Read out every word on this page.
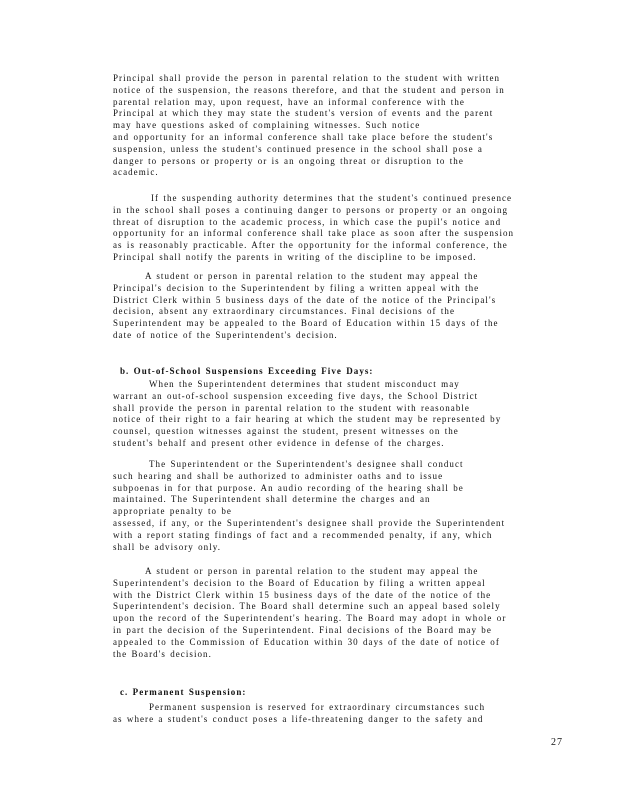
Principal shall provide the person in parental relation to the student with written
notice of the suspension, the reasons therefore, and that the student and person in
parental relation may, upon request, have an informal conference with the
Principal at which they may state the student's version of events and the parent
may have questions asked of complaining witnesses. Such notice
and opportunity for an informal conference shall take place before the student's
suspension, unless the student's continued presence in the school shall pose a
danger to persons or property or is an ongoing threat or disruption to the
academic.
If the suspending authority determines that the student's continued presence
in the school shall poses a continuing danger to persons or property or an ongoing
threat of disruption to the academic process, in which case the pupil's notice and
opportunity for an informal conference shall take place as soon after the suspension
as is reasonably practicable. After the opportunity for the informal conference, the
Principal shall notify the parents in writing of the discipline to be imposed.
A student or person in parental relation to the student may appeal the
Principal's decision to the Superintendent by filing a written appeal with the
District Clerk within 5 business days of the date of the notice of the Principal's
decision, absent any extraordinary circumstances. Final decisions of the
Superintendent may be appealed to the Board of Education within 15 days of the
date of notice of the Superintendent's decision.
b. Out-of-School Suspensions Exceeding Five Days:
When the Superintendent determines that student misconduct may
warrant an out-of-school suspension exceeding five days, the School District
shall provide the person in parental relation to the student with reasonable
notice of their right to a fair hearing at which the student may be represented by
counsel, question witnesses against the student, present witnesses on the
student's behalf and present other evidence in defense of the charges.
The Superintendent or the Superintendent's designee shall conduct
such hearing and shall be authorized to administer oaths and to issue
subpoenas in for that purpose. An audio recording of the hearing shall be
maintained. The Superintendent shall determine the charges and an
appropriate penalty to be
assessed, if any, or the Superintendent's designee shall provide the Superintendent
with a report stating findings of fact and a recommended penalty, if any, which
shall be advisory only.
A student or person in parental relation to the student may appeal the
Superintendent's decision to the Board of Education by filing a written appeal
with the District Clerk within 15 business days of the date of the notice of the
Superintendent's decision. The Board shall determine such an appeal based solely
upon the record of the Superintendent's hearing. The Board may adopt in whole or
in part the decision of the Superintendent. Final decisions of the Board may be
appealed to the Commission of Education within 30 days of the date of notice of
the Board's decision.
c. Permanent Suspension:
Permanent suspension is reserved for extraordinary circumstances such
as where a student's conduct poses a life-threatening danger to the safety and
27
